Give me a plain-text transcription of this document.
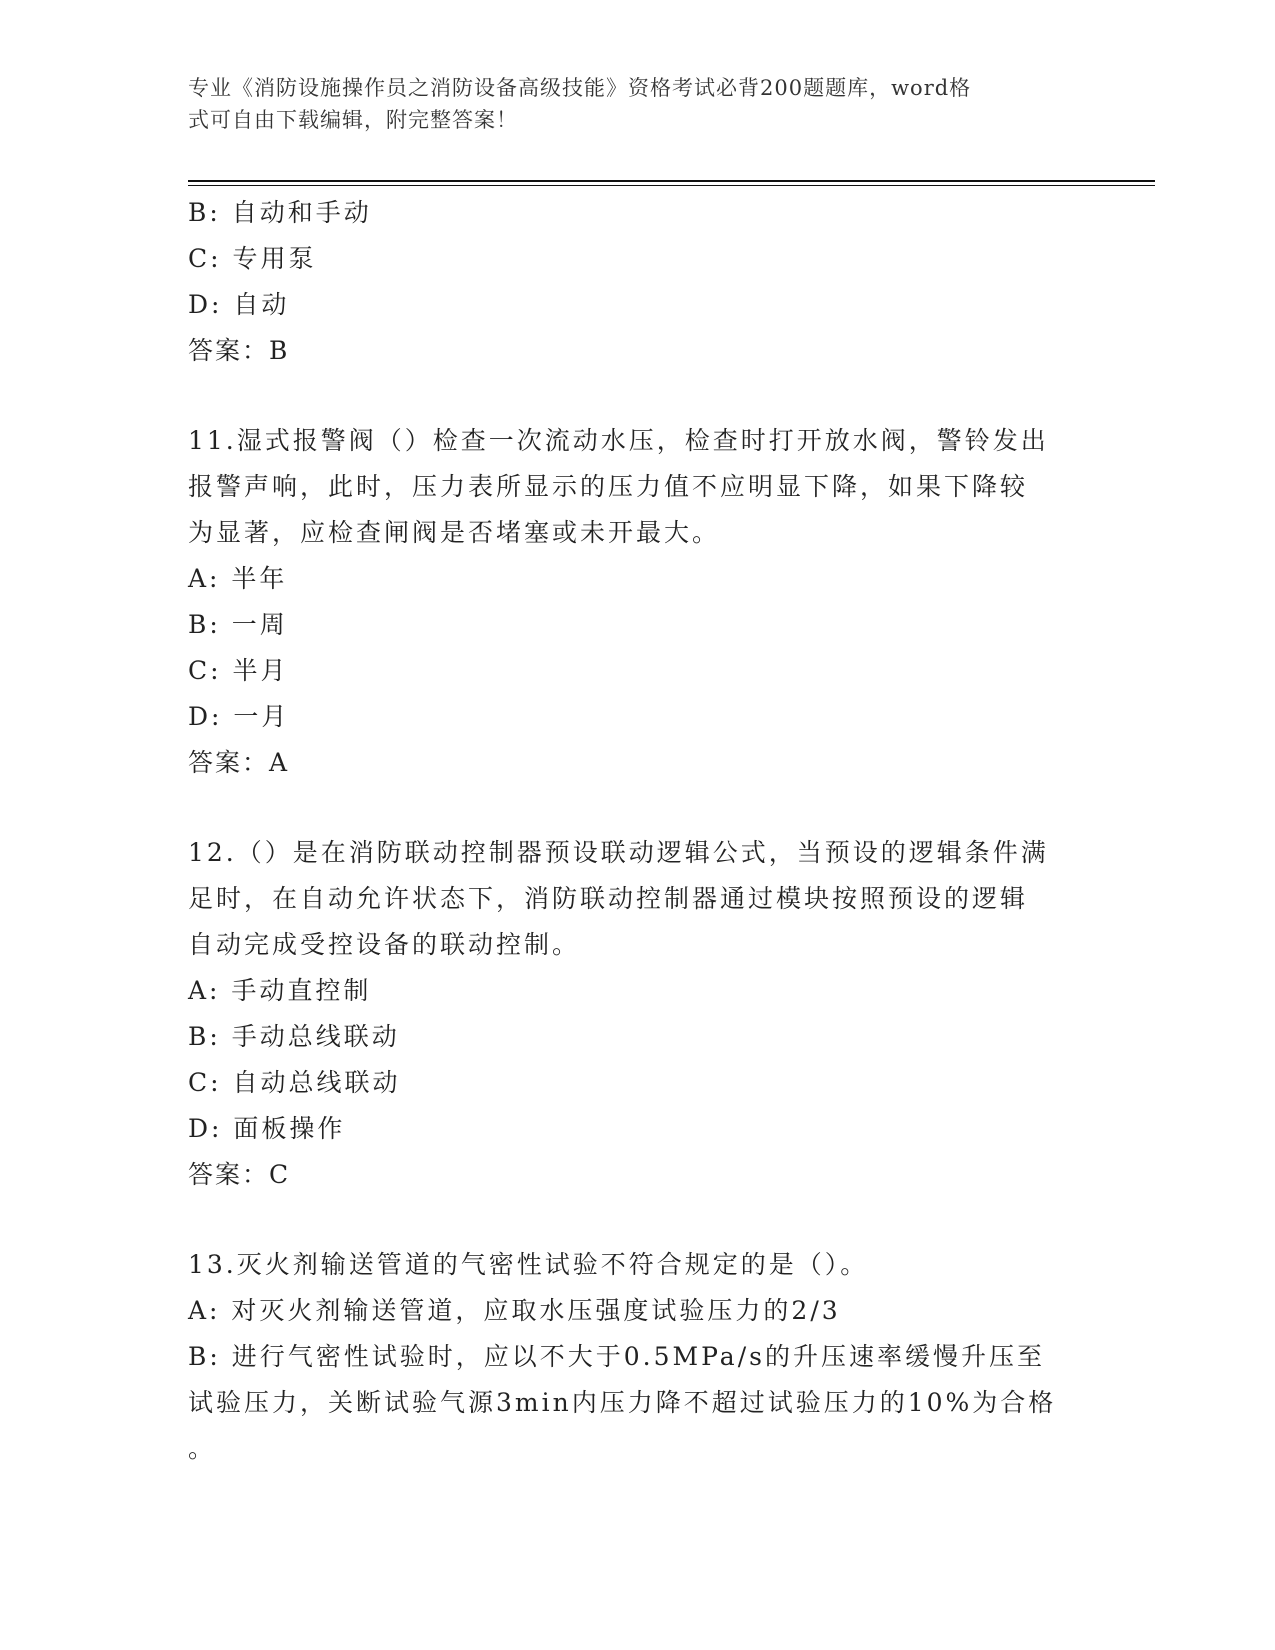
专业《消防设施操作员之消防设备高级技能》资格考试必背200题题库，word格
式可自由下载编辑，附完整答案！
B: 自动和手动
C: 专用泵
D: 自动
答案：B
11.湿式报警阀（）检查一次流动水压，检查时打开放水阀，警铃发出
报警声响，此时，压力表所显示的压力值不应明显下降，如果下降较
为显著，应检查闸阀是否堵塞或未开最大。
A: 半年
B: 一周
C: 半月
D: 一月
答案：A
12.（）是在消防联动控制器预设联动逻辑公式，当预设的逻辑条件满
足时，在自动允许状态下，消防联动控制器通过模块按照预设的逻辑
自动完成受控设备的联动控制。
A: 手动直控制
B: 手动总线联动
C: 自动总线联动
D: 面板操作
答案：C
13.灭火剂输送管道的气密性试验不符合规定的是（）。
A: 对灭火剂输送管道，应取水压强度试验压力的2/3
B: 进行气密性试验时，应以不大于0.5MPa/s的升压速率缓慢升压至
试验压力，关断试验气源3min内压力降不超过试验压力的10%为合格
。
